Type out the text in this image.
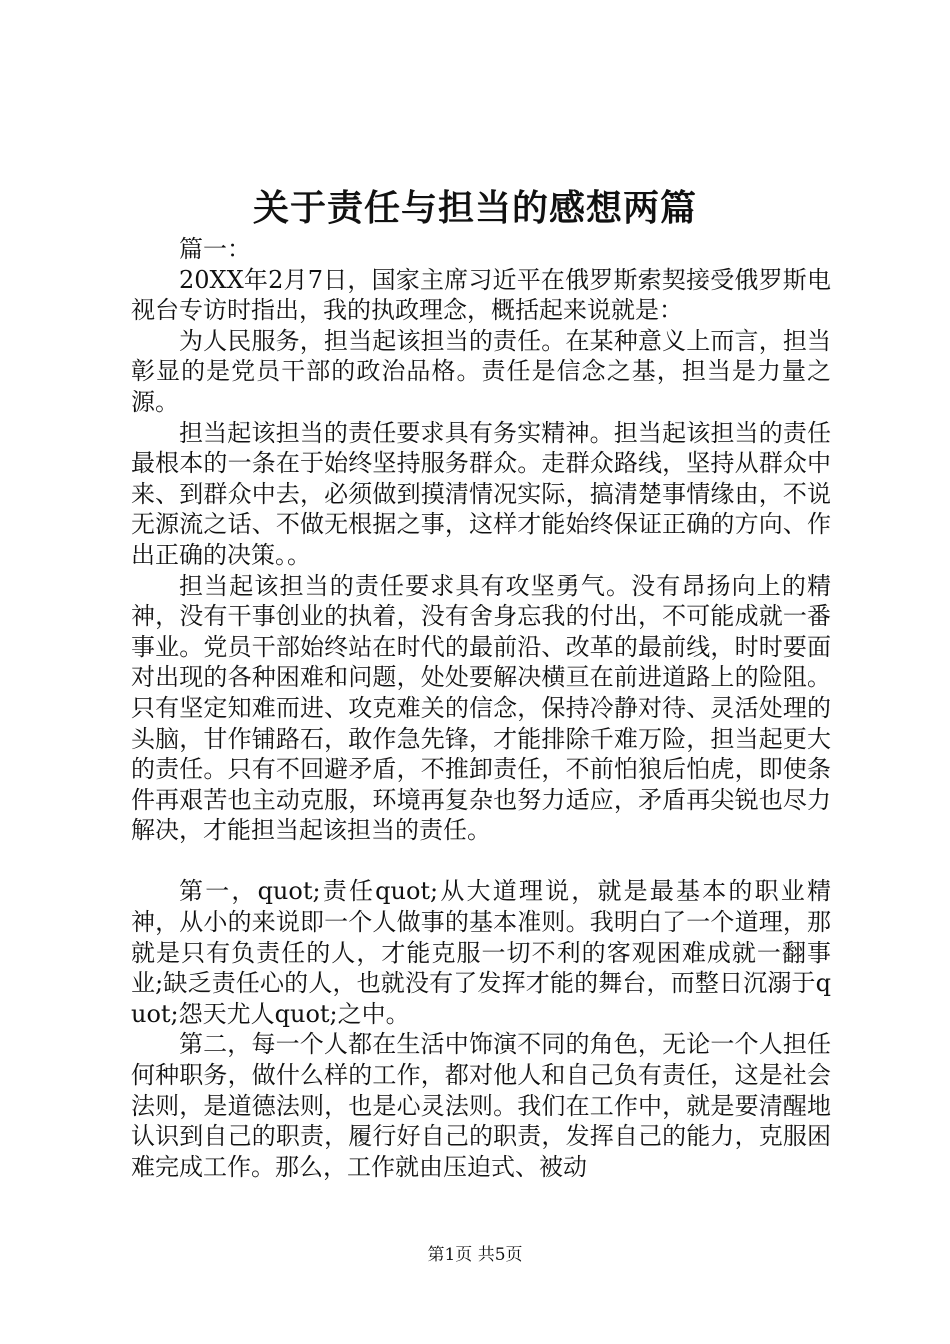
关于责任与担当的感想两篇

篇一：

20XX年2月7日，国家主席习近平在俄罗斯索契接受俄罗斯电视台专访时指出，我的执政理念，概括起来说就是：

为人民服务，担当起该担当的责任。在某种意义上而言，担当彰显的是党员干部的政治品格。责任是信念之基，担当是力量之源。

担当起该担当的责任要求具有务实精神。担当起该担当的责任最根本的一条在于始终坚持服务群众。走群众路线，坚持从群众中来、到群众中去，必须做到摸清情况实际，搞清楚事情缘由，不说无源流之话、不做无根据之事，这样才能始终保证正确的方向、作出正确的决策。。

担当起该担当的责任要求具有攻坚勇气。没有昂扬向上的精神，没有干事创业的执着，没有舍身忘我的付出，不可能成就一番事业。党员干部始终站在时代的最前沿、改革的最前线，时时要面对出现的各种困难和问题，处处要解决横亘在前进道路上的险阻。只有坚定知难而进、攻克难关的信念，保持冷静对待、灵活处理的头脑，甘作铺路石，敢作急先锋，才能排除千难万险，担当起更大的责任。只有不回避矛盾，不推卸责任，不前怕狼后怕虎，即使条件再艰苦也主动克服，环境再复杂也努力适应，矛盾再尖锐也尽力解决，才能担当起该担当的责任。

第一，quot;责任quot;从大道理说，就是最基本的职业精神，从小的来说即一个人做事的基本准则。我明白了一个道理，那就是只有负责任的人，才能克服一切不利的客观困难成就一翻事业;缺乏责任心的人，也就没有了发挥才能的舞台，而整日沉溺于quot;怨天尤人quot;之中。

第二，每一个人都在生活中饰演不同的角色，无论一个人担任何种职务，做什么样的工作，都对他人和自己负有责任，这是社会法则，是道德法则，也是心灵法则。我们在工作中，就是要清醒地认识到自己的职责，履行好自己的职责，发挥自己的能力，克服困难完成工作。那么，工作就由压迫式、被动

第1页 共5页
